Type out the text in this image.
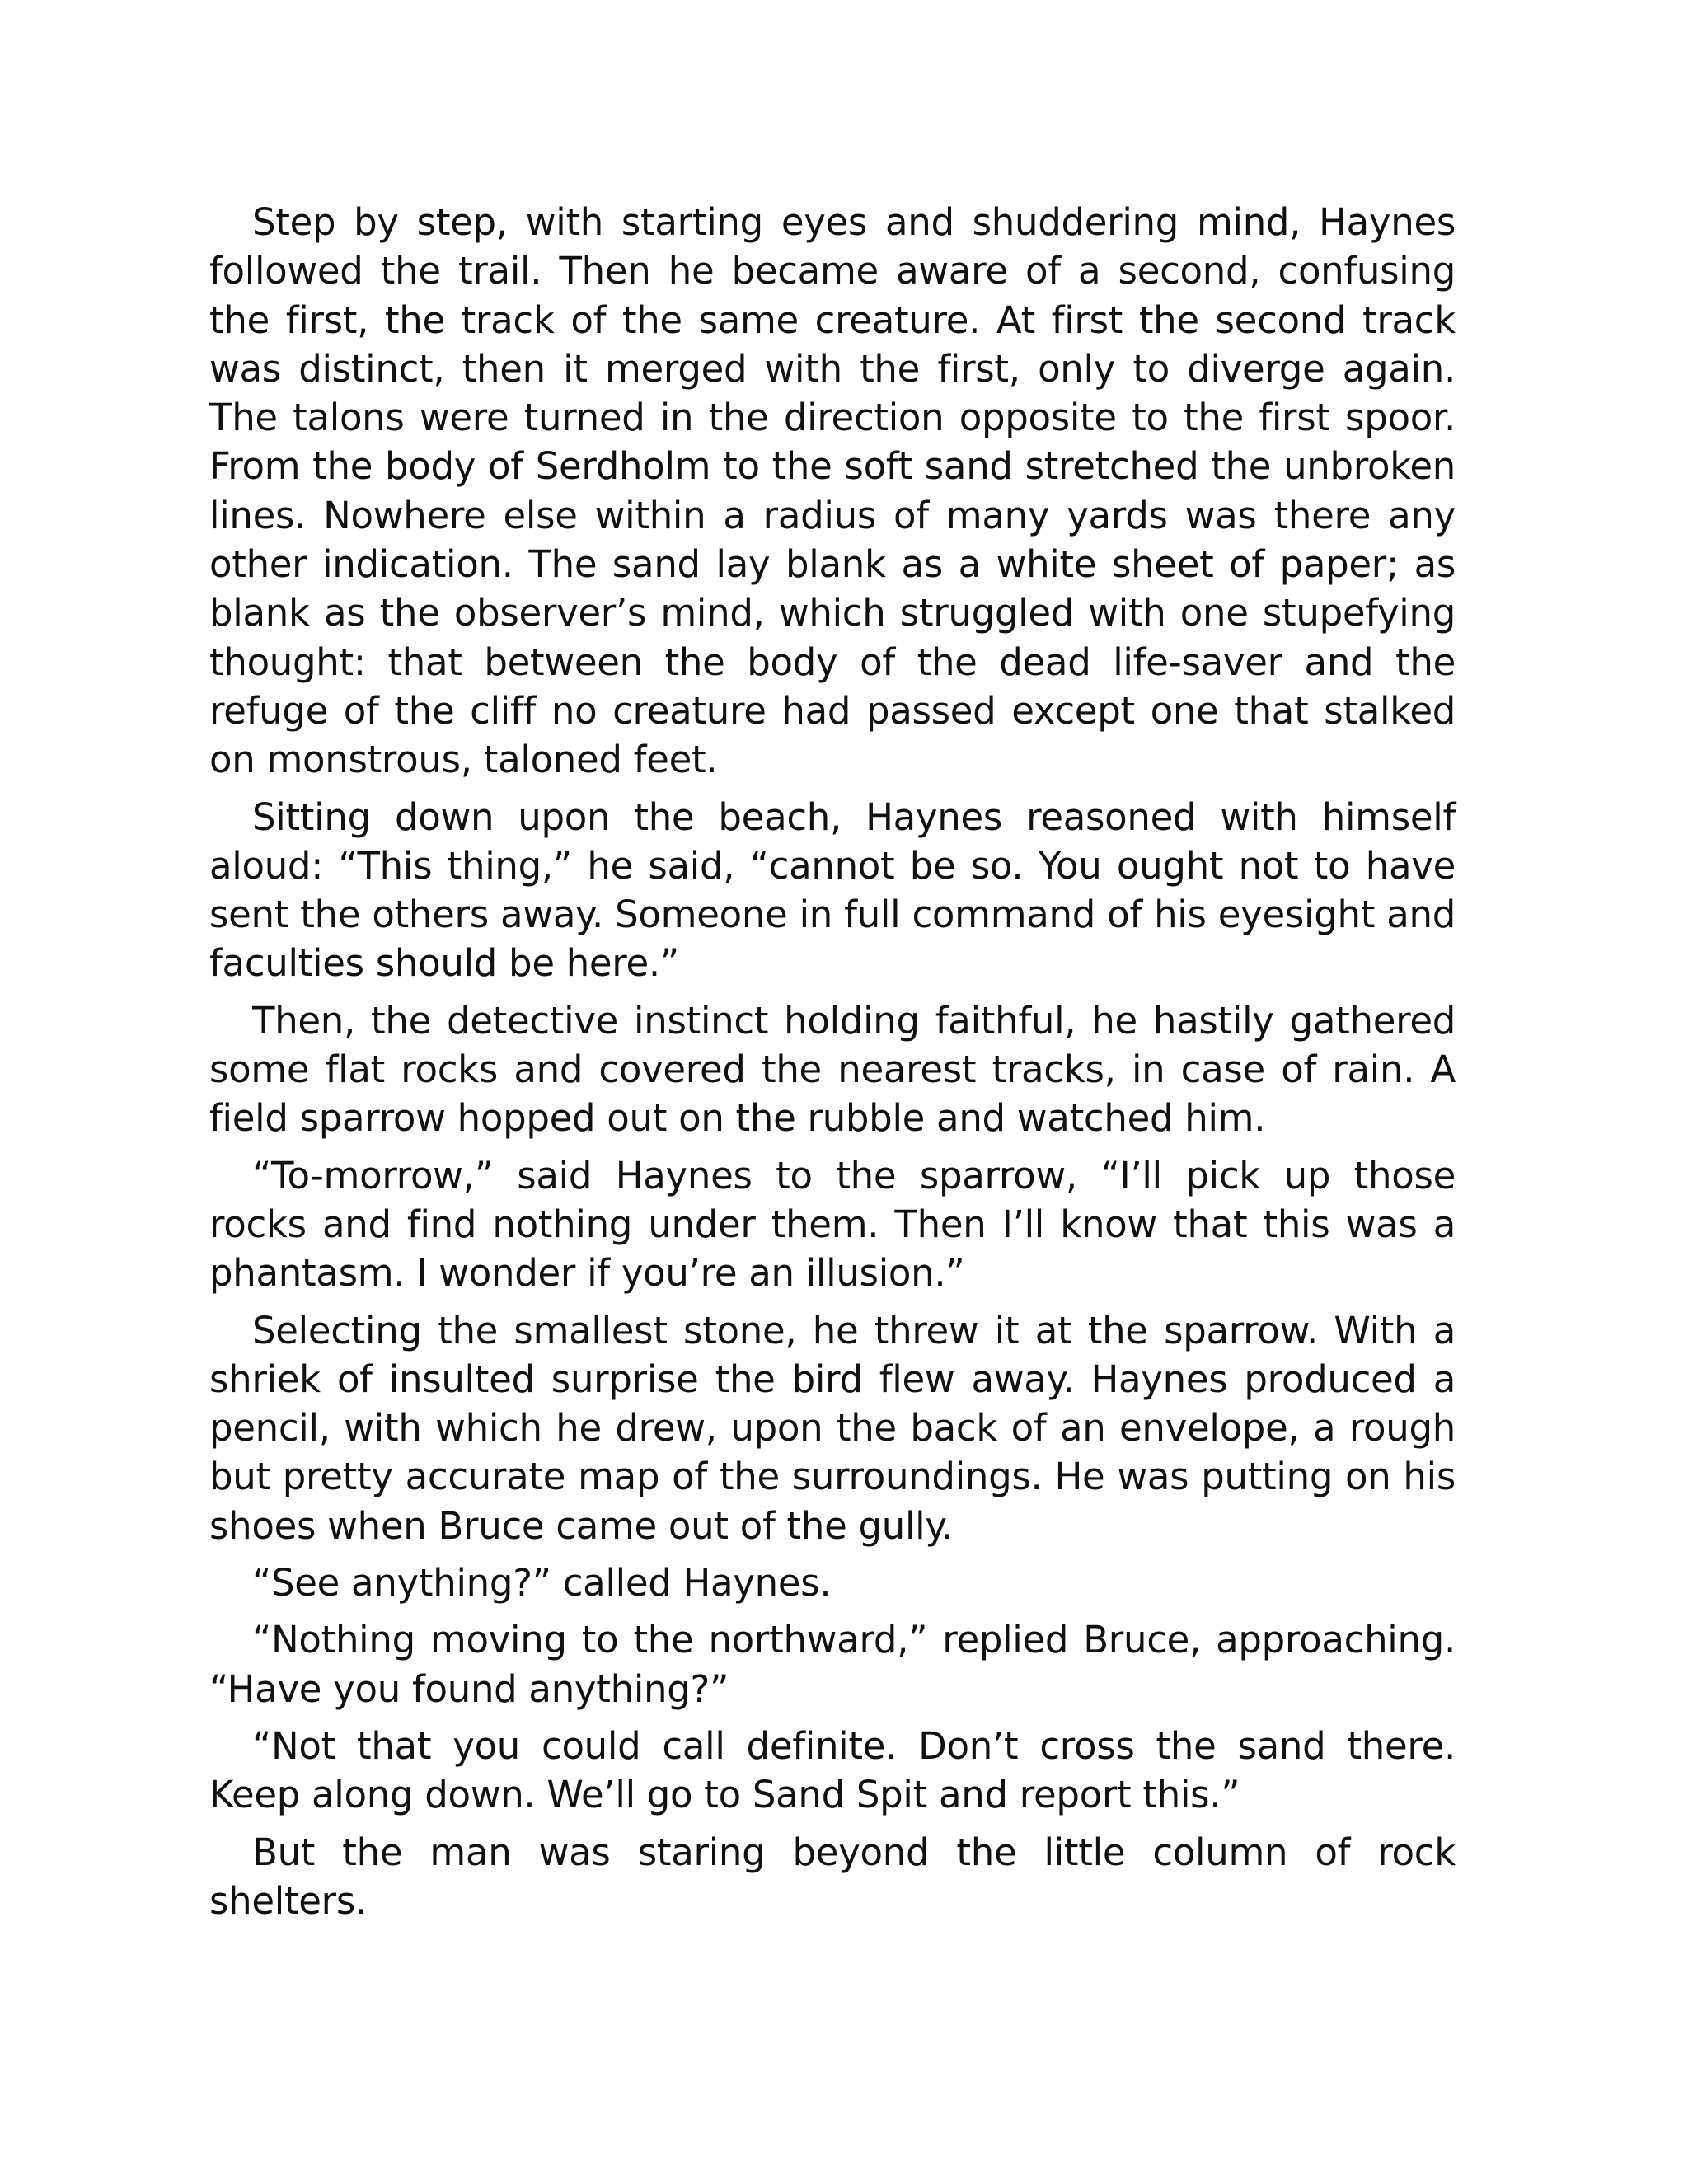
Step by step, with starting eyes and shuddering mind, Haynes followed the trail. Then he became aware of a second, confusing the first, the track of the same creature. At first the second track was distinct, then it merged with the first, only to diverge again. The talons were turned in the direction opposite to the first spoor. From the body of Serdholm to the soft sand stretched the unbroken lines. Nowhere else within a radius of many yards was there any other indication. The sand lay blank as a white sheet of paper; as blank as the observer’s mind, which struggled with one stupefying thought: that between the body of the dead life-saver and the refuge of the cliff no creature had passed except one that stalked on monstrous, taloned feet.

Sitting down upon the beach, Haynes reasoned with himself aloud: “This thing,” he said, “cannot be so. You ought not to have sent the others away. Someone in full command of his eyesight and faculties should be here.”

Then, the detective instinct holding faithful, he hastily gathered some flat rocks and covered the nearest tracks, in case of rain. A field sparrow hopped out on the rubble and watched him.

“To-morrow,” said Haynes to the sparrow, “I’ll pick up those rocks and find nothing under them. Then I’ll know that this was a phantasm. I wonder if you’re an illusion.”

Selecting the smallest stone, he threw it at the sparrow. With a shriek of insulted surprise the bird flew away. Haynes produced a pencil, with which he drew, upon the back of an envelope, a rough but pretty accurate map of the surroundings. He was putting on his shoes when Bruce came out of the gully.

“See anything?” called Haynes.

“Nothing moving to the northward,” replied Bruce, approaching. “Have you found anything?”

“Not that you could call definite. Don’t cross the sand there. Keep along down. We’ll go to Sand Spit and report this.”

But the man was staring beyond the little column of rock shelters.
